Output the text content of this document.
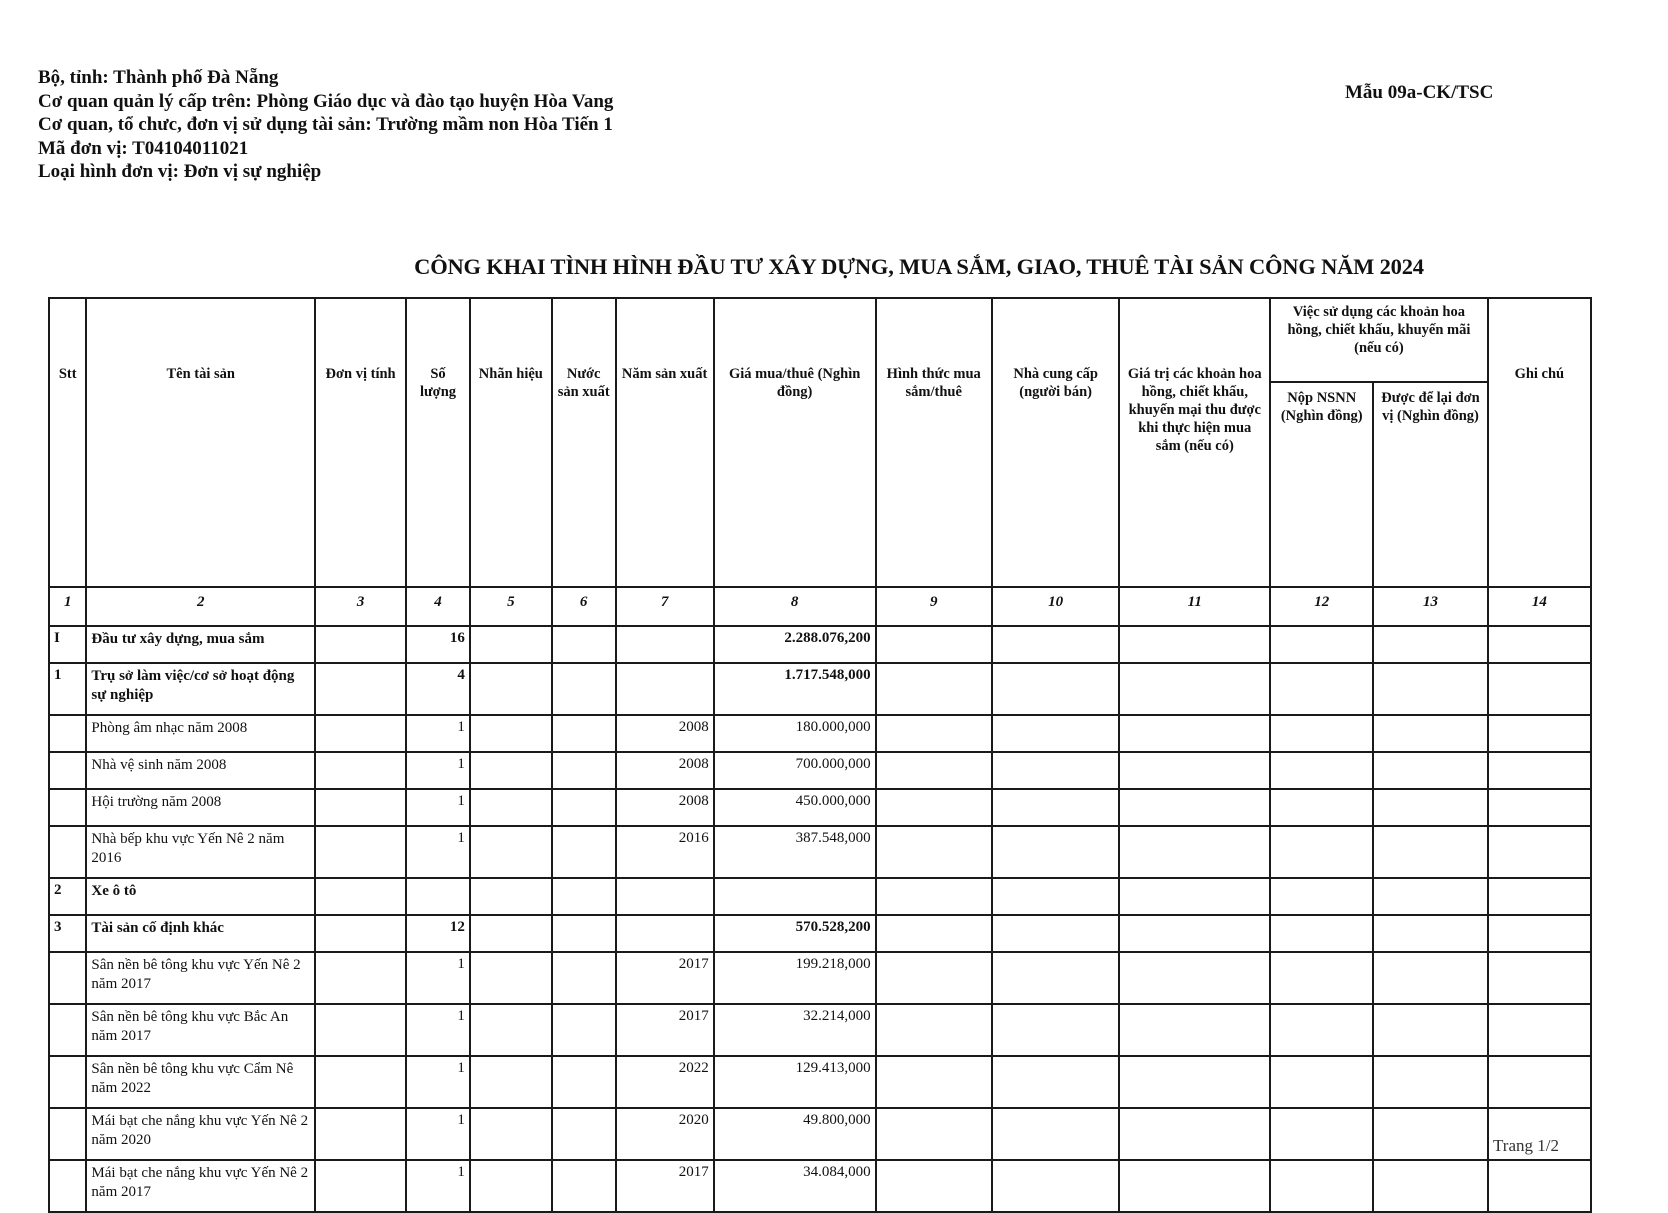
Bộ, tỉnh: Thành phố Đà Nẵng
Cơ quan quản lý cấp trên: Phòng Giáo dục và đào tạo huyện Hòa Vang
Cơ quan, tổ chưc, đơn vị sử dụng tài sản: Trường mầm non Hòa Tiến 1
Mã đơn vị: T04104011021
Loại hình đơn vị: Đơn vị sự nghiệp
Mẫu 09a-CK/TSC
CÔNG KHAI TÌNH HÌNH ĐẦU TƯ XÂY DỰNG, MUA SẮM, GIAO, THUÊ TÀI SẢN CÔNG NĂM 2024
Stt	Tên tài sản	Đơn vị tính	Số lượng	Nhãn hiệu	Nước sản xuất	Năm sản xuất	Giá mua/thuê (Nghìn đồng)	Hình thức mua sắm/thuê	Nhà cung cấp (người bán)	Giá trị các khoản hoa hồng, chiết khấu, khuyến mại thu được khi thực hiện mua sắm (nếu có)	Việc sử dụng các khoản hoa hồng, chiết khấu, khuyến mãi (nếu có)		Ghi chú
											Nộp NSNN (Nghìn đồng)	Được để lại đơn vị (Nghìn đồng)	
1	2	3	4	5	6	7	8	9	10	11	12	13	14
I	Đầu tư xây dựng, mua sắm		16				2.288.076,200						
1	Trụ sở làm việc/cơ sở hoạt động sự nghiệp		4				1.717.548,000						
	Phòng âm nhạc năm 2008		1			2008	180.000,000						
	Nhà vệ sinh năm 2008		1			2008	700.000,000						
	Hội trường năm 2008		1			2008	450.000,000						
	Nhà bếp khu vực Yến Nê 2 năm 2016		1			2016	387.548,000						
2	Xe ô tô												
3	Tài sản cố định khác		12				570.528,200						
	Sân nền bê tông khu vực Yến Nê 2 năm 2017		1			2017	199.218,000						
	Sân nền bê tông khu vực Bắc An năm 2017		1			2017	32.214,000						
	Sân nền bê tông khu vực Cẩm Nê năm 2022		1			2022	129.413,000						
	Mái bạt che nắng khu vực Yến Nê 2 năm 2020		1			2020	49.800,000						
	Mái bạt che nắng khu vực Yến Nê 2 năm 2017		1			2017	34.084,000						
Trang 1/2
